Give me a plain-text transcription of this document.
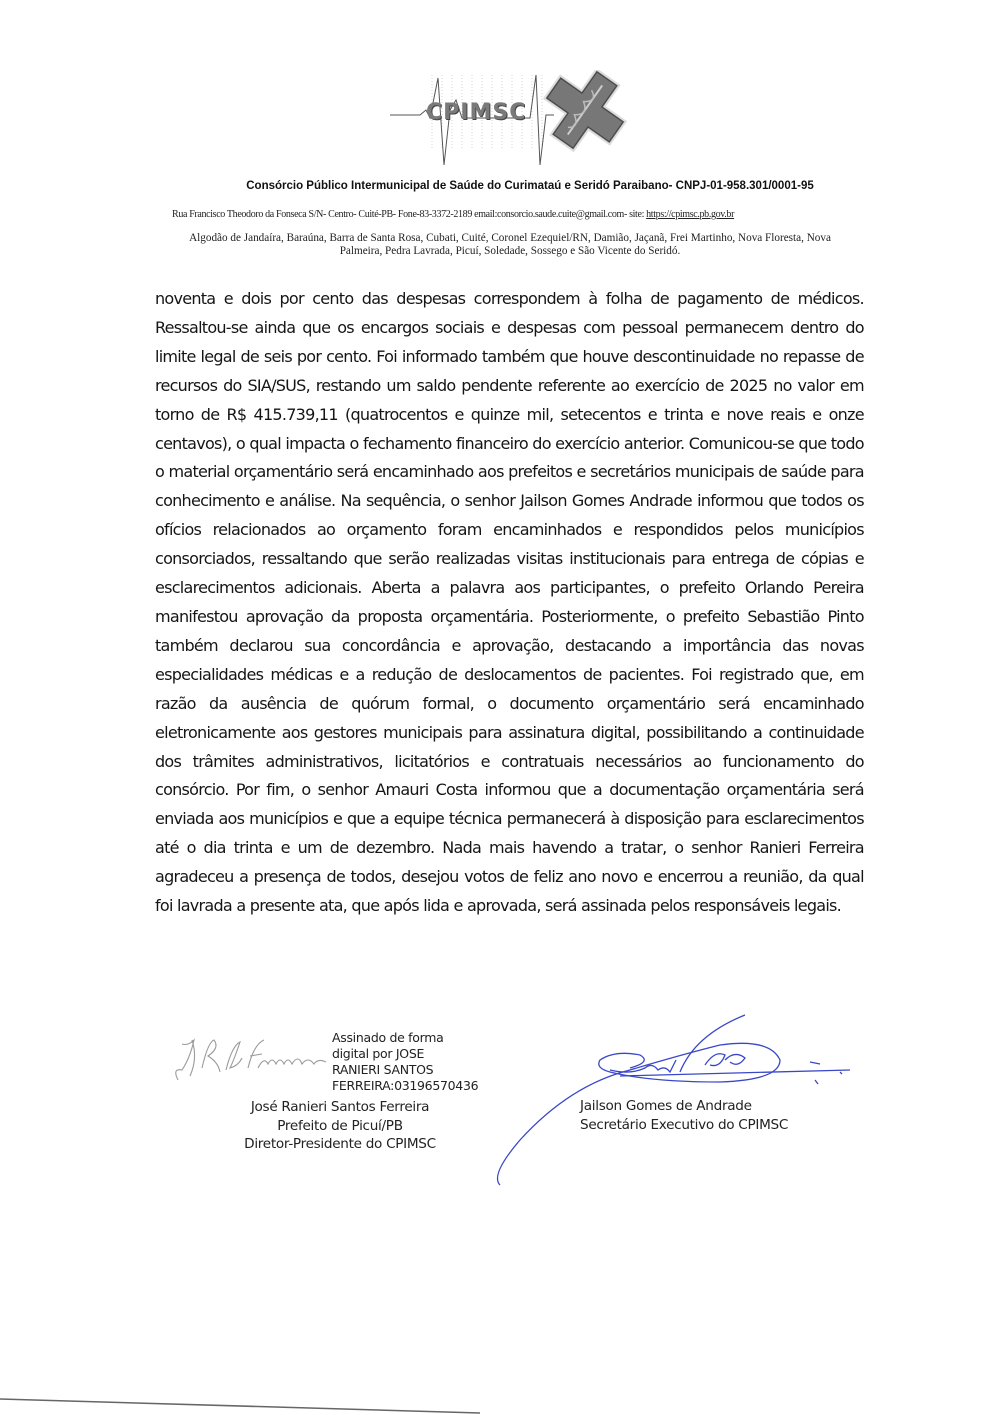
CPIMSC
Consórcio Público Intermunicipal de Saúde do Curimataú e Seridó Paraibano- CNPJ-01-958.301/0001-95
Rua Francisco Theodoro da Fonseca S/N- Centro- Cuité-PB- Fone-83-3372-2189 email:consorcio.saude.cuite@gmail.com- site: https://cpimsc.pb.gov.br
Algodão de Jandaíra, Baraúna, Barra de Santa Rosa, Cubati, Cuité, Coronel Ezequiel/RN, Damião, Jaçanã, Frei Martinho, Nova Floresta, Nova
Palmeira, Pedra Lavrada, Picuí, Soledade, Sossego e São Vicente do Seridó.
noventa e dois por cento das despesas correspondem à folha de pagamento de médicos. Ressaltou-se ainda que os encargos sociais e despesas com pessoal permanecem dentro do limite legal de seis por cento. Foi informado também que houve descontinuidade no repasse de recursos do SIA/SUS, restando um saldo pendente referente ao exercício de 2025 no valor em torno de R$ 415.739,11 (quatrocentos e quinze mil, setecentos e trinta e nove reais e onze centavos), o qual impacta o fechamento financeiro do exercício anterior. Comunicou-se que todo o material orçamentário será encaminhado aos prefeitos e secretários municipais de saúde para conhecimento e análise. Na sequência, o senhor Jailson Gomes Andrade informou que todos os ofícios relacionados ao orçamento foram encaminhados e respondidos pelos municípios consorciados, ressaltando que serão realizadas visitas institucionais para entrega de cópias e esclarecimentos adicionais. Aberta a palavra aos participantes, o prefeito Orlando Pereira manifestou aprovação da proposta orçamentária. Posteriormente, o prefeito Sebastião Pinto também declarou sua concordância e aprovação, destacando a importância das novas especialidades médicas e a redução de deslocamentos de pacientes. Foi registrado que, em razão da ausência de quórum formal, o documento orçamentário será encaminhado eletronicamente aos gestores municipais para assinatura digital, possibilitando a continuidade dos trâmites administrativos, licitatórios e contratuais necessários ao funcionamento do consórcio. Por fim, o senhor Amauri Costa informou que a documentação orçamentária será enviada aos municípios e que a equipe técnica permanecerá à disposição para esclarecimentos até o dia trinta e um de dezembro. Nada mais havendo a tratar, o senhor Ranieri Ferreira agradeceu a presença de todos, desejou votos de feliz ano novo e encerrou a reunião, da qual foi lavrada a presente ata, que após lida e aprovada, será assinada pelos responsáveis legais.
Assinado de forma
digital por JOSE
RANIERI SANTOS
FERREIRA:03196570436
José Ranieri Santos Ferreira
Prefeito de Picuí/PB
Diretor-Presidente do CPIMSC
Jailson Gomes de Andrade
Secretário Executivo do CPIMSC
